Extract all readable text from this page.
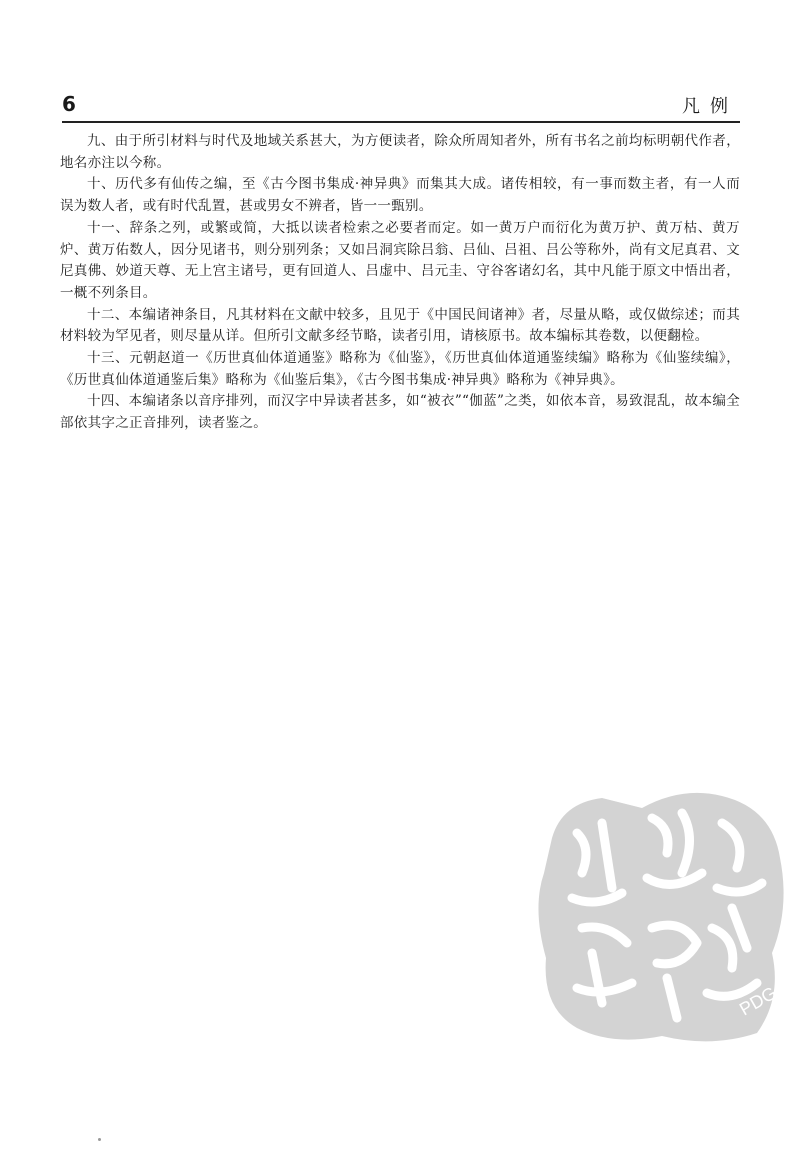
6	凡例

九、由于所引材料与时代及地域关系甚大，为方便读者，除众所周知者外，所有书名之前均标明朝代作者，地名亦注以今称。

十、历代多有仙传之编，至《古今图书集成·神异典》而集其大成。诸传相较，有一事而数主者，有一人而误为数人者，或有时代乱置，甚或男女不辨者，皆一一甄别。

十一、辞条之列，或繁或简，大抵以读者检索之必要者而定。如一黄万户而衍化为黄万护、黄万枯、黄万炉、黄万佑数人，因分见诸书，则分别列条；又如吕洞宾除吕翁、吕仙、吕祖、吕公等称外，尚有文尼真君、文尼真佛、妙道天尊、无上宫主诸号，更有回道人、吕虚中、吕元圭、守谷客诸幻名，其中凡能于原文中悟出者，一概不列条目。

十二、本编诸神条目，凡其材料在文献中较多，且见于《中国民间诸神》者，尽量从略，或仅做综述；而其材料较为罕见者，则尽量从详。但所引文献多经节略，读者引用，请核原书。故本编标其卷数，以便翻检。

十三、元朝赵道一《历世真仙体道通鉴》略称为《仙鉴》，《历世真仙体道通鉴续编》略称为《仙鉴续编》，《历世真仙体道通鉴后集》略称为《仙鉴后集》，《古今图书集成·神异典》略称为《神异典》。

十四、本编诸条以音序排列，而汉字中异读者甚多，如“被衣”“伽蓝”之类，如依本音，易致混乱，故本编全部依其字之正音排列，读者鉴之。

PDG
